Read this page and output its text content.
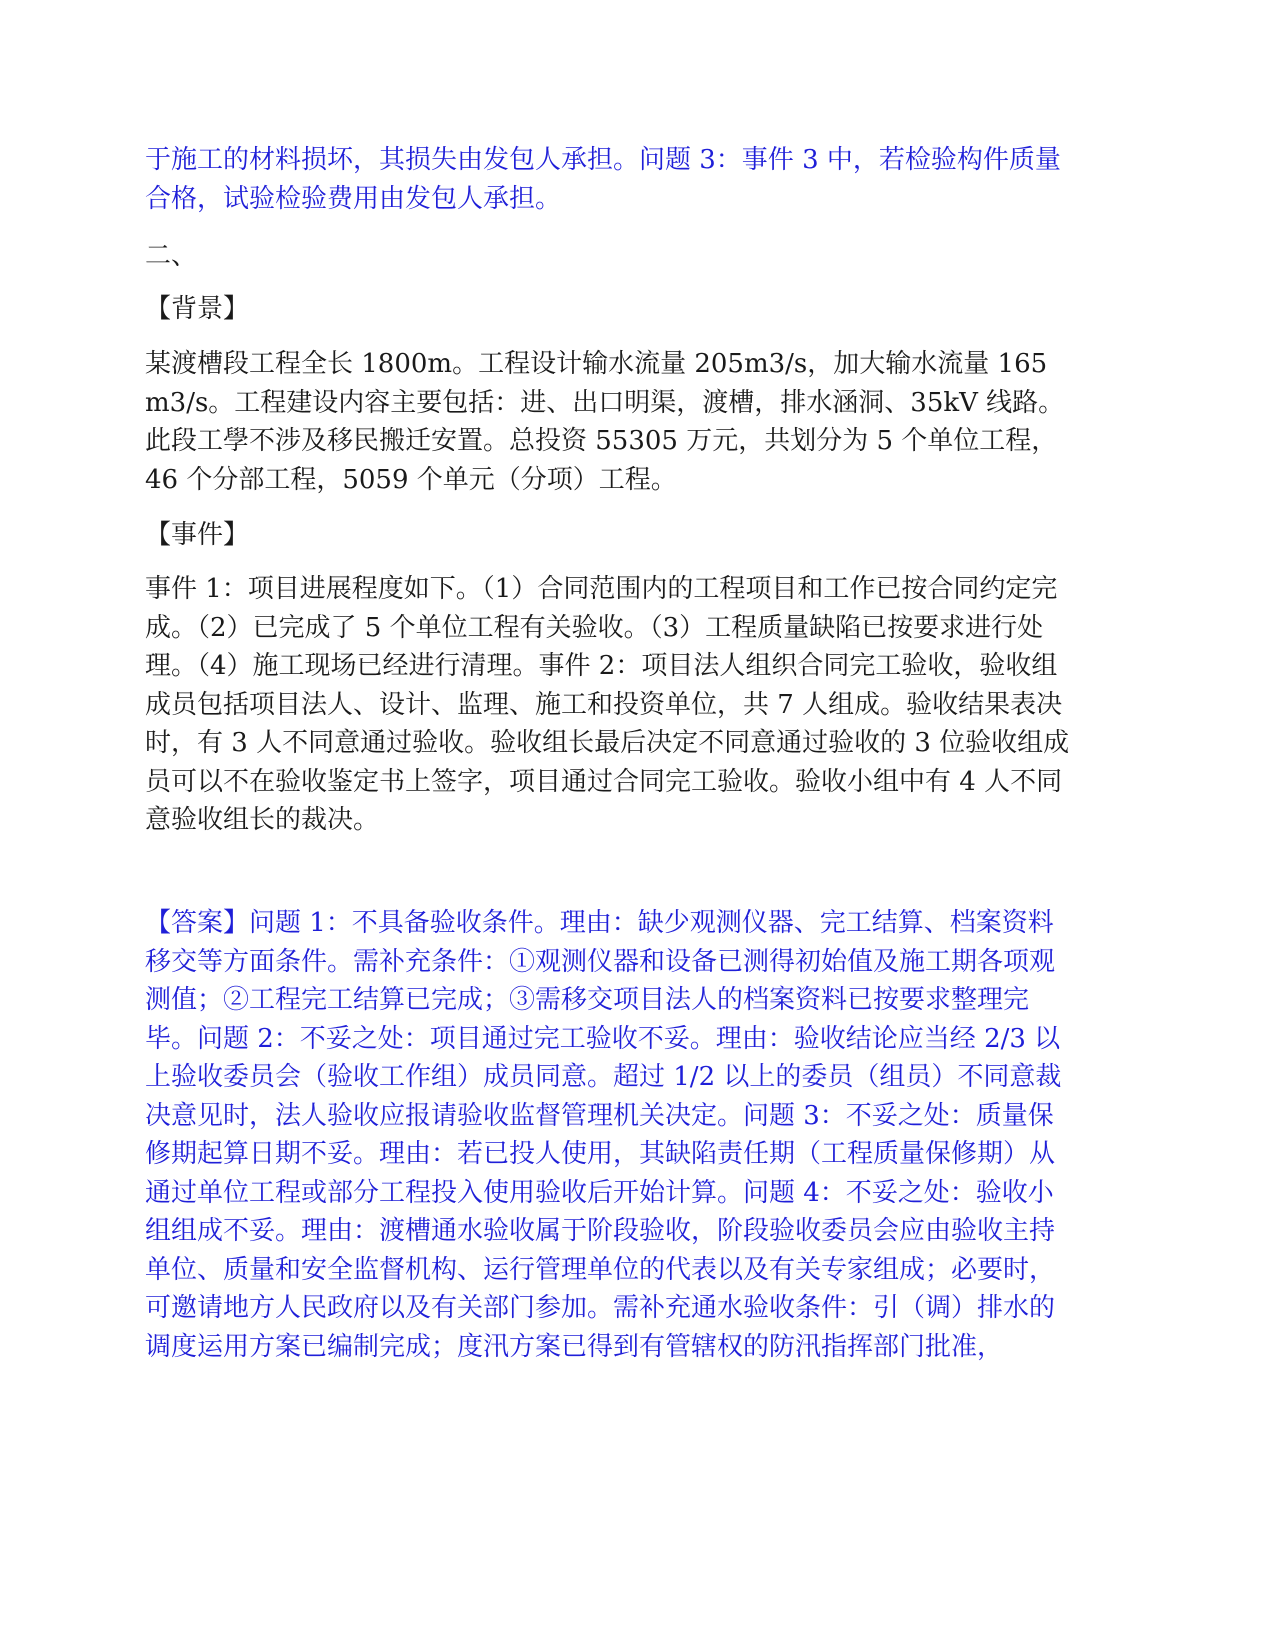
于施工的材料损坏，其损失由发包人承担。问题 3：事件 3 中，若检验构件质量合格，试验检验费用由发包人承担。

二、

【背景】

某渡槽段工程全长 1800m。工程设计输水流量 205m3/s，加大输水流量 165m3/s。工程建设内容主要包括：进、出口明渠，渡槽，排水涵洞、35kV 线路。此段工學不涉及移民搬迁安置。总投资 55305 万元，共划分为 5 个单位工程，46 个分部工程，5059 个单元（分项）工程。

【事件】

事件 1：项目进展程度如下。（1）合同范围内的工程项目和工作已按合同约定完成。（2）已完成了 5 个单位工程有关验收。（3）工程质量缺陷已按要求进行处理。（4）施工现场已经进行清理。事件 2：项目法人组织合同完工验收，验收组成员包括项目法人、设计、监理、施工和投资单位，共 7 人组成。验收结果表决时，有 3 人不同意通过验收。验收组长最后决定不同意通过验收的 3 位验收组成员可以不在验收鉴定书上签字，项目通过合同完工验收。验收小组中有 4 人不同意验收组长的裁决。

【答案】问题 1：不具备验收条件。理由：缺少观测仪器、完工结算、档案资料移交等方面条件。需补充条件：①观测仪器和设备已测得初始值及施工期各项观测值；②工程完工结算已完成；③需移交项目法人的档案资料已按要求整理完毕。问题 2：不妥之处：项目通过完工验收不妥。理由：验收结论应当经 2/3 以上验收委员会（验收工作组）成员同意。超过 1/2 以上的委员（组员）不同意裁决意见时，法人验收应报请验收监督管理机关决定。问题 3：不妥之处：质量保修期起算日期不妥。理由：若已投人使用，其缺陷责任期（工程质量保修期）从通过单位工程或部分工程投入使用验收后开始计算。问题 4：不妥之处：验收小组组成不妥。理由：渡槽通水验收属于阶段验收，阶段验收委员会应由验收主持单位、质量和安全监督机构、运行管理单位的代表以及有关专家组成；必要时，可邀请地方人民政府以及有关部门参加。需补充通水验收条件：引（调）排水的调度运用方案已编制完成；度汛方案已得到有管辖权的防汛指挥部门批准，
